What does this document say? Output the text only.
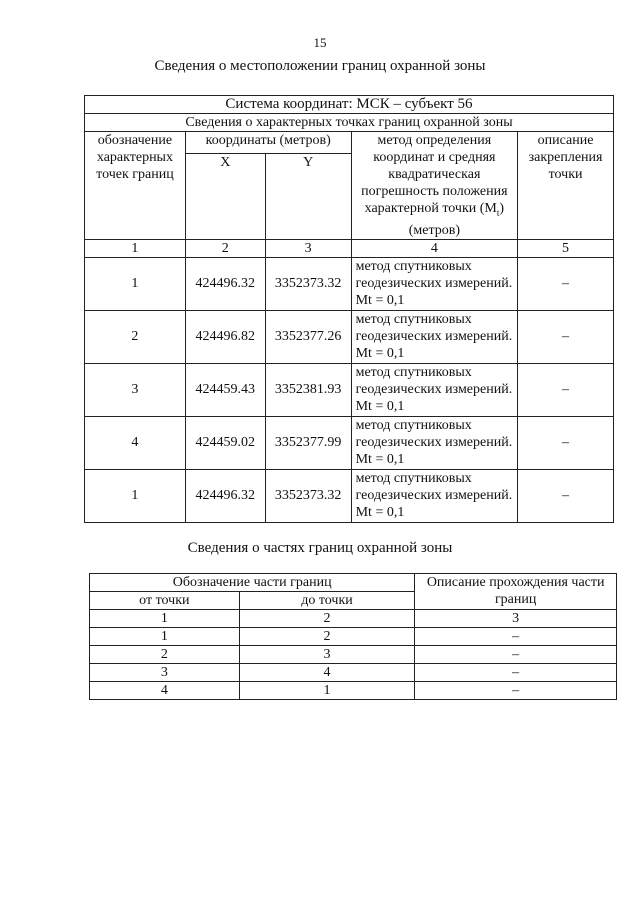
15
Сведения о местоположении границ охранной зоны
Система координат: МСК – субъект 56				
Сведения о характерных точках границ охранной зоны				
обозначение характерных точек границ	координаты (метров)		метод определения координат и средняя квадратическая погрешность положения характерной точки $(M_t)$ (метров)	описание закрепления точки
	X	Y		
1	2	3	4	5
1	424496.32	3352373.32	метод спутниковых геодезических измерений. Mt = 0,1	–
2	424496.82	3352377.26	метод спутниковых геодезических измерений. Mt = 0,1	–
3	424459.43	3352381.93	метод спутниковых геодезических измерений. Mt = 0,1	–
4	424459.02	3352377.99	метод спутниковых геодезических измерений. Mt = 0,1	–
1	424496.32	3352373.32	метод спутниковых геодезических измерений. Mt = 0,1	–
Сведения о частях границ охранной зоны
Обозначение части границ		Описание прохождения части границ
от точки	до точки	
1	2	3
1	2	–
2	3	–
3	4	–
4	1	–
